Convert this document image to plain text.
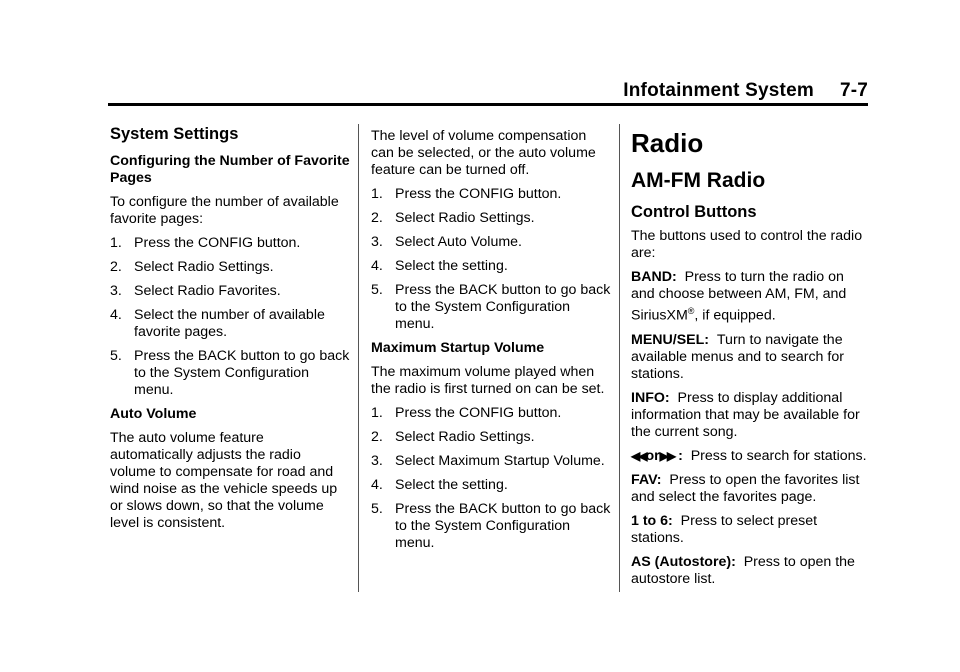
Infotainment System 7-7
System Settings

Configuring the Number of Favorite Pages

To configure the number of available favorite pages:

1. Press the CONFIG button.
2. Select Radio Settings.
3. Select Radio Favorites.
4. Select the number of available favorite pages.
5. Press the BACK button to go back to the System Configuration menu.

Auto Volume

The auto volume feature automatically adjusts the radio volume to compensate for road and wind noise as the vehicle speeds up or slows down, so that the volume level is consistent.

The level of volume compensation can be selected, or the auto volume feature can be turned off.

1. Press the CONFIG button.
2. Select Radio Settings.
3. Select Auto Volume.
4. Select the setting.
5. Press the BACK button to go back to the System Configuration menu.

Maximum Startup Volume

The maximum volume played when the radio is first turned on can be set.

1. Press the CONFIG button.
2. Select Radio Settings.
3. Select Maximum Startup Volume.
4. Select the setting.
5. Press the BACK button to go back to the System Configuration menu.
Radio
AM-FM Radio
Control Buttons

The buttons used to control the radio are:

BAND: Press to turn the radio on and choose between AM, FM, and SiriusXM®, if equipped.

MENU/SEL: Turn to navigate the available menus and to search for stations.

INFO: Press to display additional information that may be available for the current song.

◀◀or▶▶ : Press to search for stations.

FAV: Press to open the favorites list and select the favorites page.

1 to 6: Press to select preset stations.

AS (Autostore): Press to open the autostore list.
